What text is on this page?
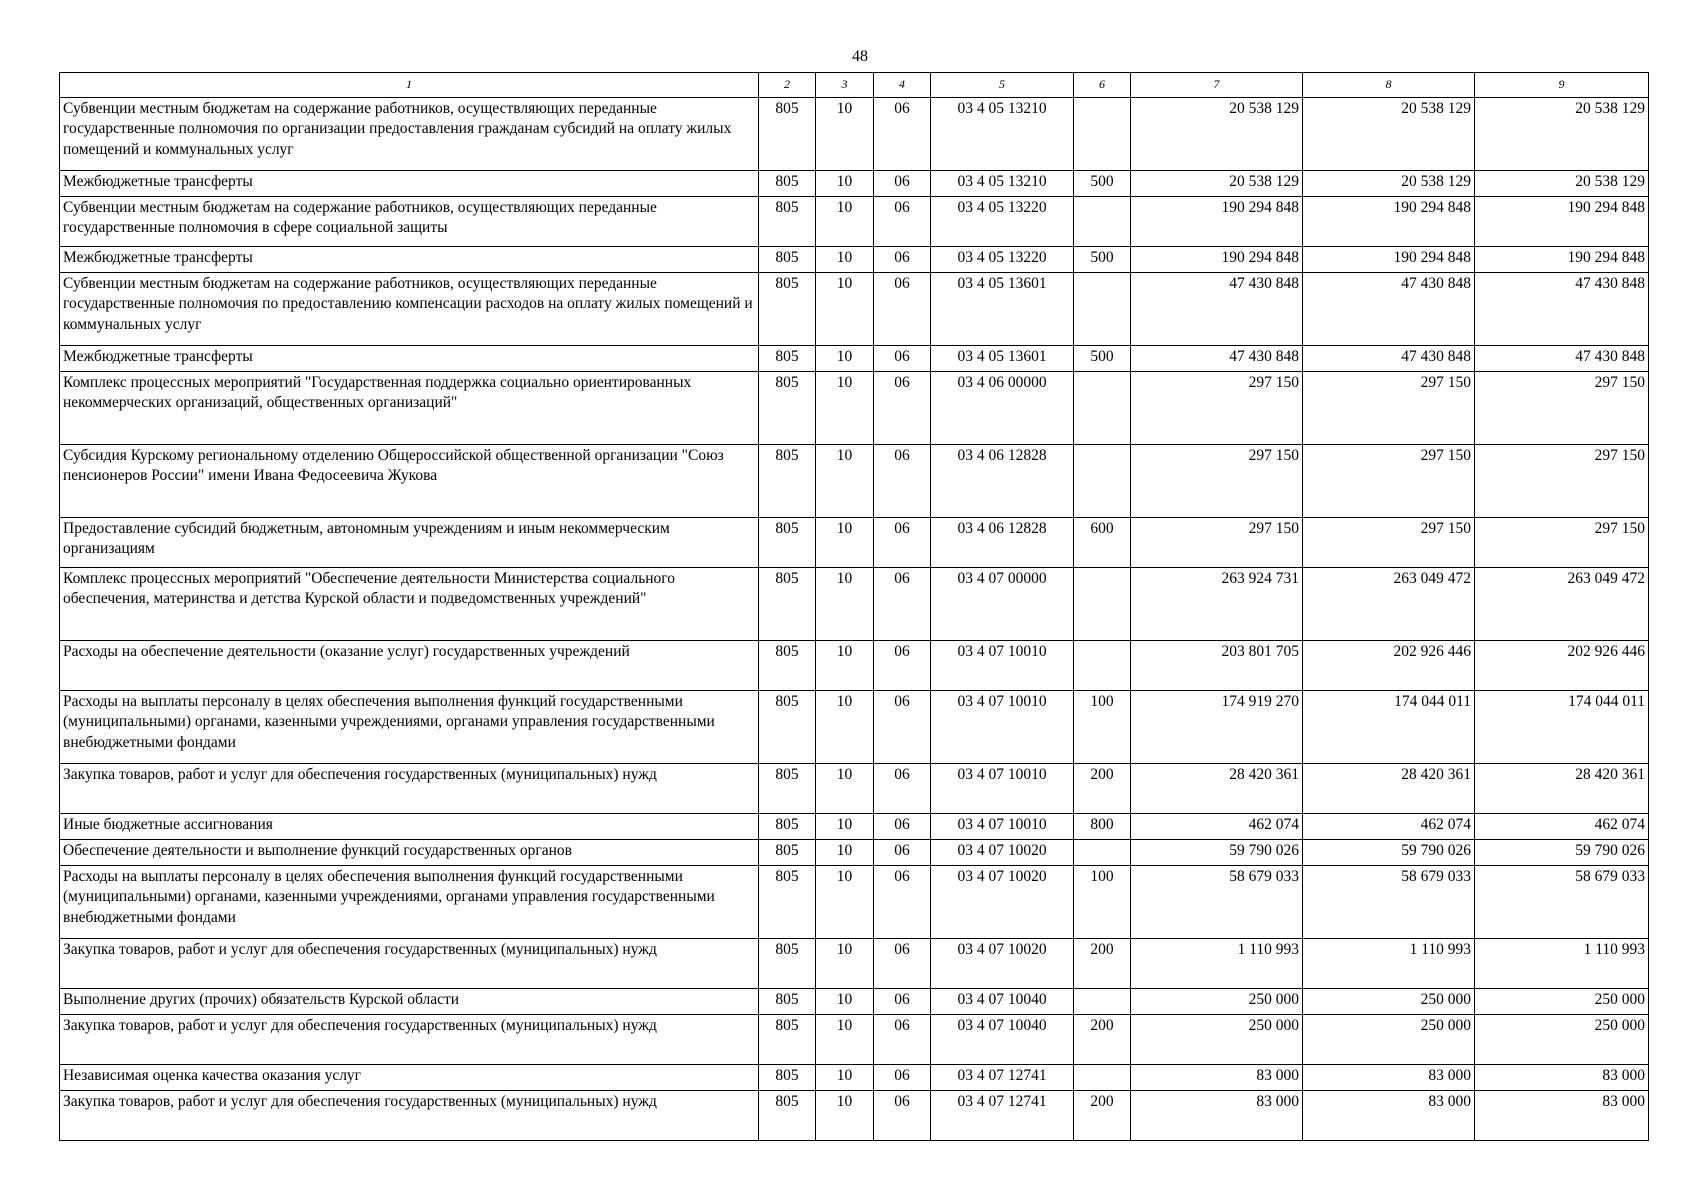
48
1	2	3	4	5	6	7	8	9
Субвенции местным бюджетам на содержание работников, осуществляющих переданные государственные полномочия по организации предоставления гражданам субсидий на оплату жилых помещений и коммунальных услуг	805	10	06	03 4 05 13210		20 538 129	20 538 129	20 538 129
Межбюджетные трансферты	805	10	06	03 4 05 13210	500	20 538 129	20 538 129	20 538 129
Субвенции местным бюджетам на содержание работников, осуществляющих переданные государственные полномочия в сфере социальной защиты	805	10	06	03 4 05 13220		190 294 848	190 294 848	190 294 848
Межбюджетные трансферты	805	10	06	03 4 05 13220	500	190 294 848	190 294 848	190 294 848
Субвенции местным бюджетам на содержание работников, осуществляющих переданные государственные полномочия по предоставлению компенсации расходов на оплату жилых помещений и коммунальных услуг	805	10	06	03 4 05 13601		47 430 848	47 430 848	47 430 848
Межбюджетные трансферты	805	10	06	03 4 05 13601	500	47 430 848	47 430 848	47 430 848
Комплекс процессных мероприятий "Государственная поддержка социально ориентированных некоммерческих организаций, общественных организаций"	805	10	06	03 4 06 00000		297 150	297 150	297 150
Субсидия Курскому региональному отделению Общероссийской общественной организации "Союз пенсионеров России" имени Ивана Федосеевича Жукова	805	10	06	03 4 06 12828		297 150	297 150	297 150
Предоставление субсидий бюджетным, автономным учреждениям и иным некоммерческим организациям	805	10	06	03 4 06 12828	600	297 150	297 150	297 150
Комплекс процессных мероприятий "Обеспечение деятельности Министерства социального обеспечения, материнства и детства Курской области и подведомственных учреждений"	805	10	06	03 4 07 00000		263 924 731	263 049 472	263 049 472
Расходы на обеспечение деятельности (оказание услуг) государственных учреждений	805	10	06	03 4 07 10010		203 801 705	202 926 446	202 926 446
Расходы на выплаты персоналу в целях обеспечения выполнения функций государственными (муниципальными) органами, казенными учреждениями, органами управления государственными внебюджетными фондами	805	10	06	03 4 07 10010	100	174 919 270	174 044 011	174 044 011
Закупка товаров, работ и услуг для обеспечения государственных (муниципальных) нужд	805	10	06	03 4 07 10010	200	28 420 361	28 420 361	28 420 361
Иные бюджетные ассигнования	805	10	06	03 4 07 10010	800	462 074	462 074	462 074
Обеспечение деятельности и выполнение функций государственных органов	805	10	06	03 4 07 10020		59 790 026	59 790 026	59 790 026
Расходы на выплаты персоналу в целях обеспечения выполнения функций государственными (муниципальными) органами, казенными учреждениями, органами управления государственными внебюджетными фондами	805	10	06	03 4 07 10020	100	58 679 033	58 679 033	58 679 033
Закупка товаров, работ и услуг для обеспечения государственных (муниципальных) нужд	805	10	06	03 4 07 10020	200	1 110 993	1 110 993	1 110 993
Выполнение других (прочих) обязательств Курской области	805	10	06	03 4 07 10040		250 000	250 000	250 000
Закупка товаров, работ и услуг для обеспечения государственных (муниципальных) нужд	805	10	06	03 4 07 10040	200	250 000	250 000	250 000
Независимая оценка качества оказания услуг	805	10	06	03 4 07 12741		83 000	83 000	83 000
Закупка товаров, работ и услуг для обеспечения государственных (муниципальных) нужд	805	10	06	03 4 07 12741	200	83 000	83 000	83 000
